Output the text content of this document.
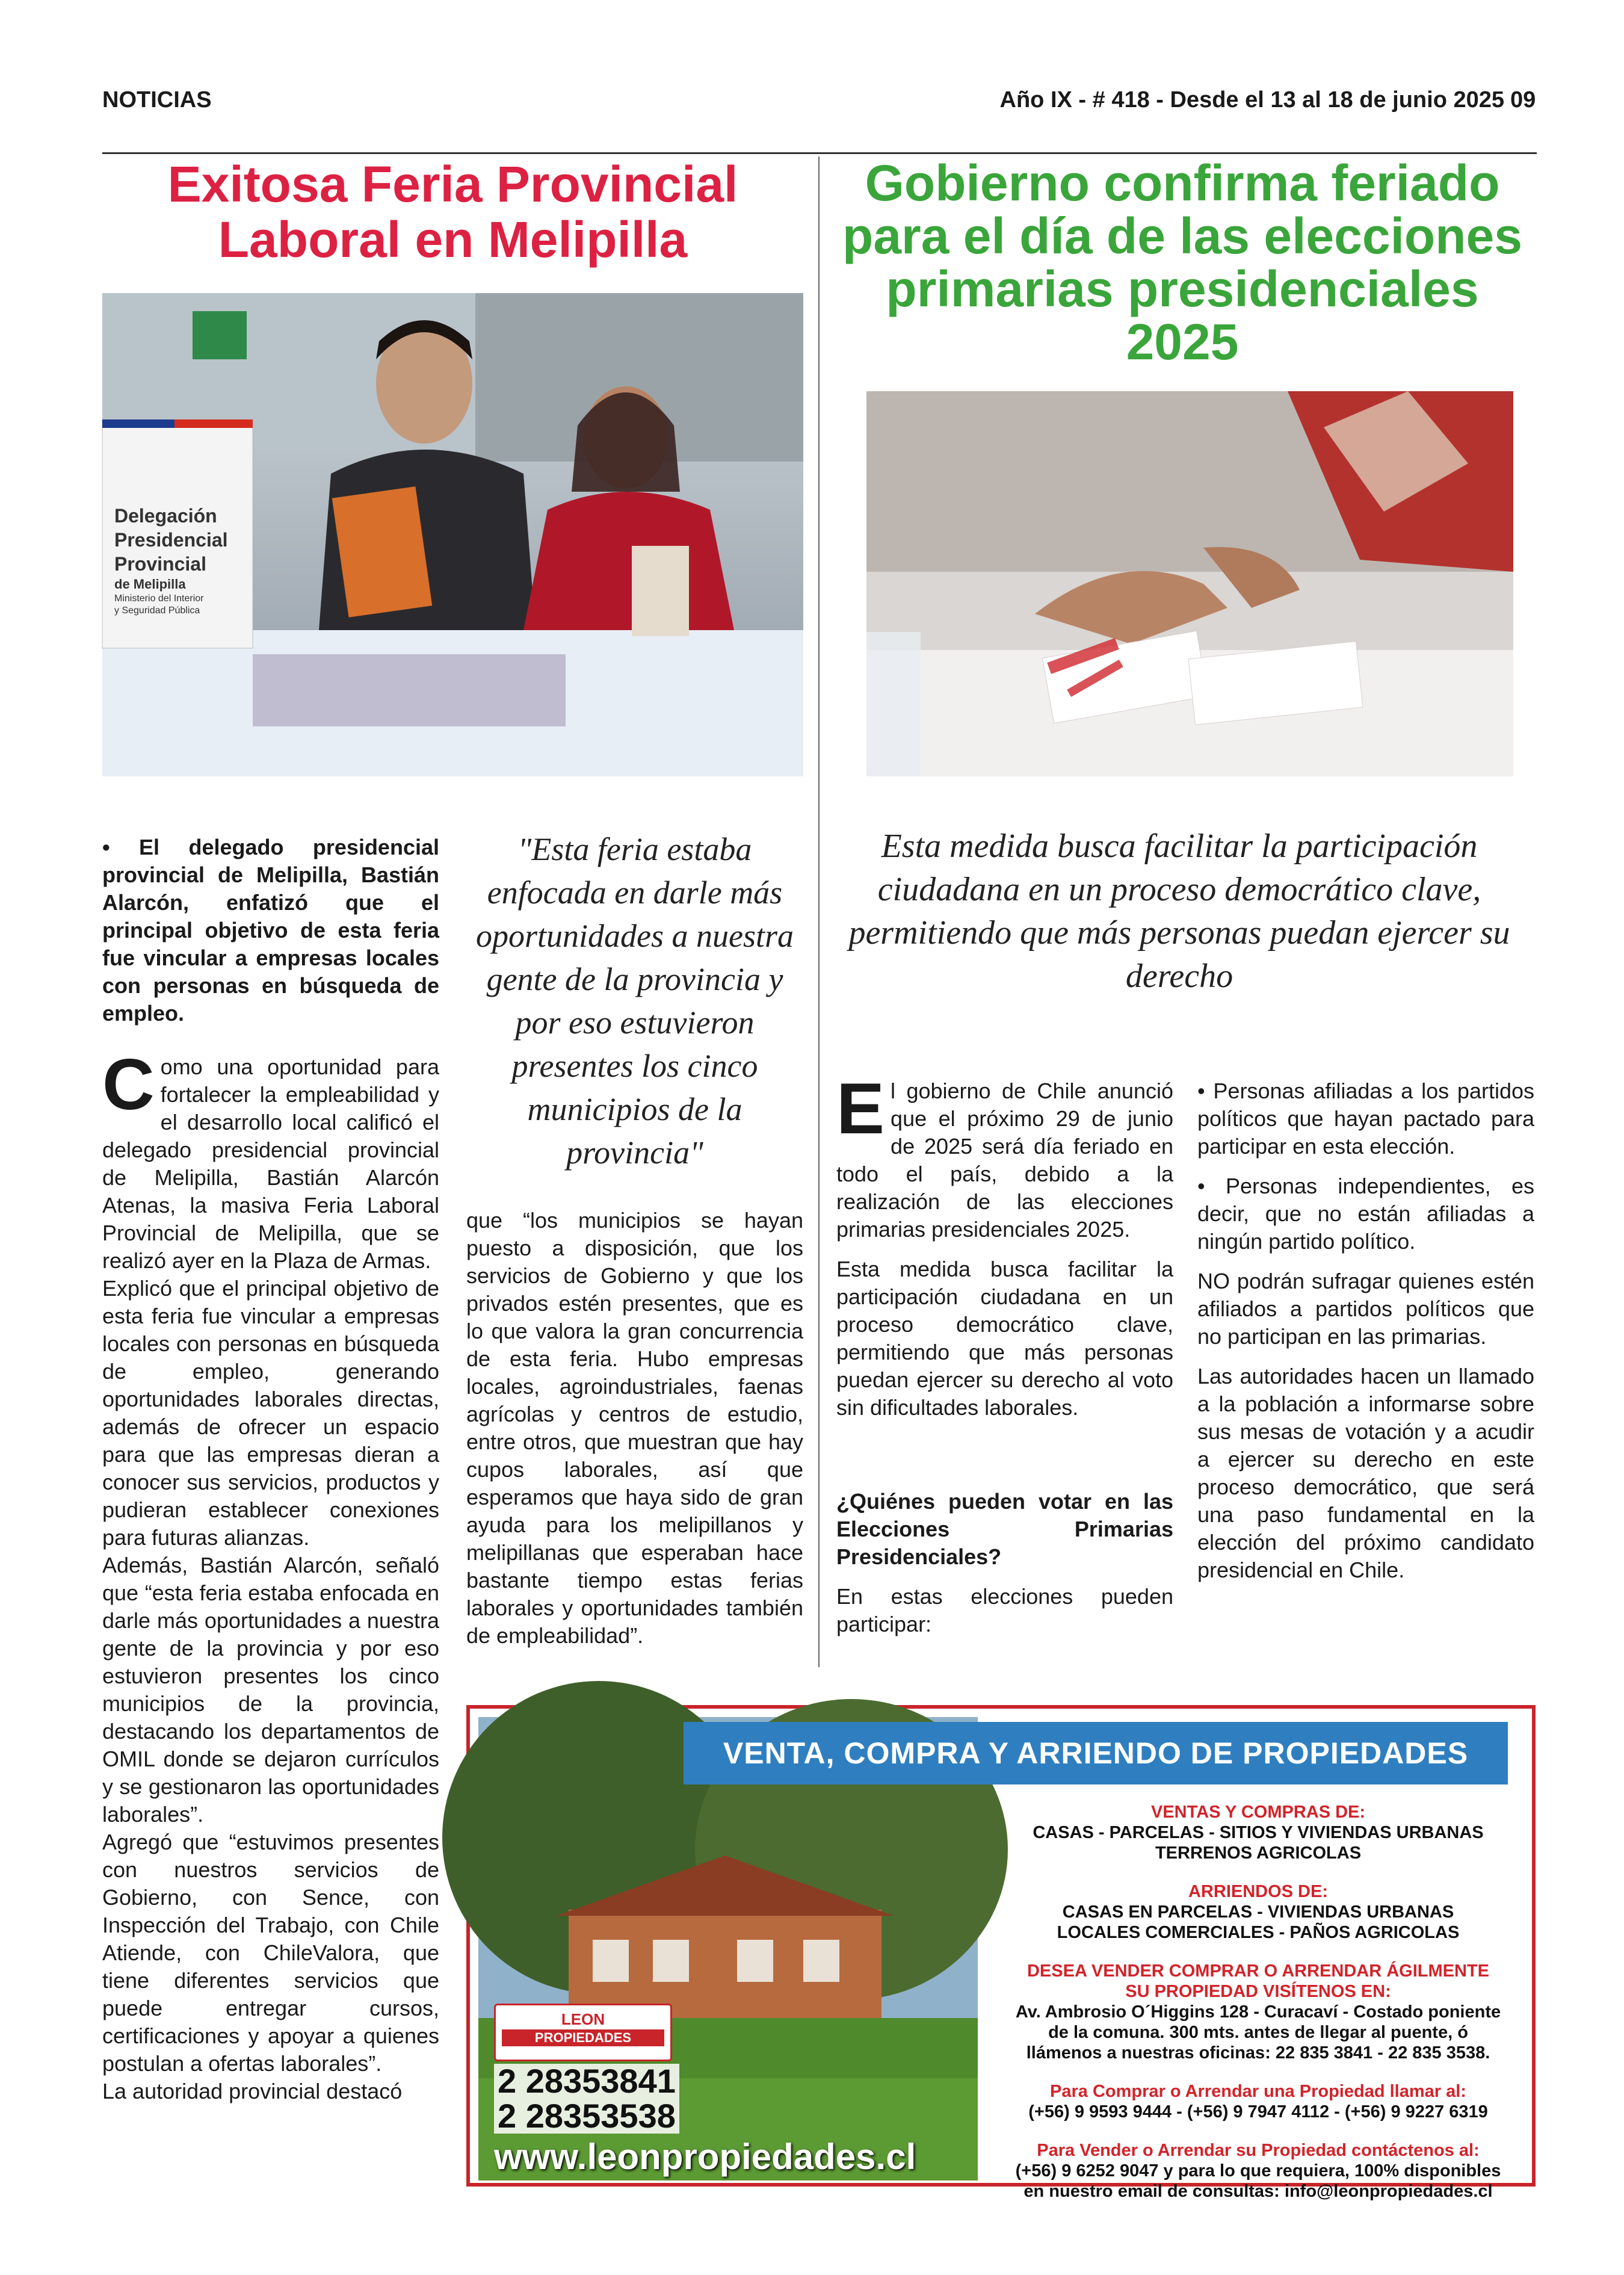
NOTICIAS	Año IX - # 418 - Desde el 13 al 18 de junio 2025 09
Exitosa Feria Provincial Laboral en Melipilla
Delegación
Presidencial
Provincial
de Melipilla
Ministerio del Interior
y Seguridad Pública
• El delegado presidencial provincial de Melipilla, Bastián Alarcón, enfatizó que el principal objetivo de esta feria fue vincular a empresas locales con personas en búsqueda de empleo.
"Esta feria estaba enfocada en darle más oportunidades a nuestra gente de la provincia y por eso estuvieron presentes los cinco municipios de la provincia"

Como una oportunidad para fortalecer la empleabilidad y el desarrollo local calificó el delegado presidencial provincial de Melipilla, Bastián Alarcón Atenas, la masiva Feria Laboral Provincial de Melipilla, que se realizó ayer en la Plaza de Armas.

Explicó que el principal objetivo de esta feria fue vincular a empresas locales con personas en búsqueda de empleo, generando oportunidades laborales directas, además de ofrecer un espacio para que las empresas dieran a conocer sus servicios, productos y pudieran establecer conexiones para futuras alianzas.

Además, Bastián Alarcón, señaló que “esta feria estaba enfocada en darle más oportunidades a nuestra gente de la provincia y por eso estuvieron presentes los cinco municipios de la provincia, destacando los departamentos de OMIL donde se dejaron currículos y se gestionaron las oportunidades laborales”.

Agregó que “estuvimos presentes con nuestros servicios de Gobierno, con Sence, con Inspección del Trabajo, con Chile Atiende, con ChileValora, que tiene diferentes servicios que puede entregar cursos, certificaciones y apoyar a quienes postulan a ofertas laborales”.

La autoridad provincial destacó

que “los municipios se hayan puesto a disposición, que los servicios de Gobierno y que los privados estén presentes, que es lo que valora la gran concurrencia de esta feria. Hubo empresas locales, agroindustriales, faenas agrícolas y centros de estudio, entre otros, que muestran que hay cupos laborales, así que esperamos que haya sido de gran ayuda para los melipillanos y melipillanas que esperaban hace bastante tiempo estas ferias laborales y oportunidades también de empleabilidad”.

Gobierno confirma feriado para el día de las elecciones primarias presidenciales 2025
Esta medida busca facilitar la participación ciudadana en un proceso democrático clave, permitiendo que más personas puedan ejercer su derecho

El gobierno de Chile anunció que el próximo 29 de junio de 2025 será día feriado en todo el país, debido a la realización de las elecciones primarias presidenciales 2025.

Esta medida busca facilitar la participación ciudadana en un proceso democrático clave, permitiendo que más personas puedan ejercer su derecho al voto sin dificultades laborales.

¿Quiénes pueden votar en las Elecciones Primarias Presidenciales?

En estas elecciones pueden participar:

• Personas afiliadas a los partidos políticos que hayan pactado para participar en esta elección.

• Personas independientes, es decir, que no están afiliadas a ningún partido político.

NO podrán sufragar quienes estén afiliados a partidos políticos que no participan en las primarias.

Las autoridades hacen un llamado a la población a informarse sobre sus mesas de votación y a acudir a ejercer su derecho en este proceso democrático, que será una paso fundamental en la elección del próximo candidato presidencial en Chile.

VENTA, COMPRA Y ARRIENDO DE PROPIEDADES
LEON
PROPIEDADES
2 28353841
2 28353538
www.leonpropiedades.cl

VENTAS Y COMPRAS DE:

CASAS - PARCELAS - SITIOS Y VIVIENDAS URBANAS

TERRENOS AGRICOLAS

ARRIENDOS DE:

CASAS EN PARCELAS - VIVIENDAS URBANAS

LOCALES COMERCIALES - PAÑOS AGRICOLAS

DESEA VENDER COMPRAR O ARRENDAR ÁGILMENTE

SU PROPIEDAD VISÍTENOS EN:

Av. Ambrosio O´Higgins 128 - Curacaví - Costado poniente

de la comuna. 300 mts. antes de llegar al puente, ó

llámenos a nuestras oficinas: 22 835 3841 - 22 835 3538.

Para Comprar o Arrendar una Propiedad llamar al:

(+56) 9 9593 9444 - (+56) 9 7947 4112 - (+56) 9 9227 6319

Para Vender o Arrendar su Propiedad contáctenos al:

(+56) 9 6252 9047 y para lo que requiera, 100% disponibles

en nuestro email de consultas: info@leonpropiedades.cl
